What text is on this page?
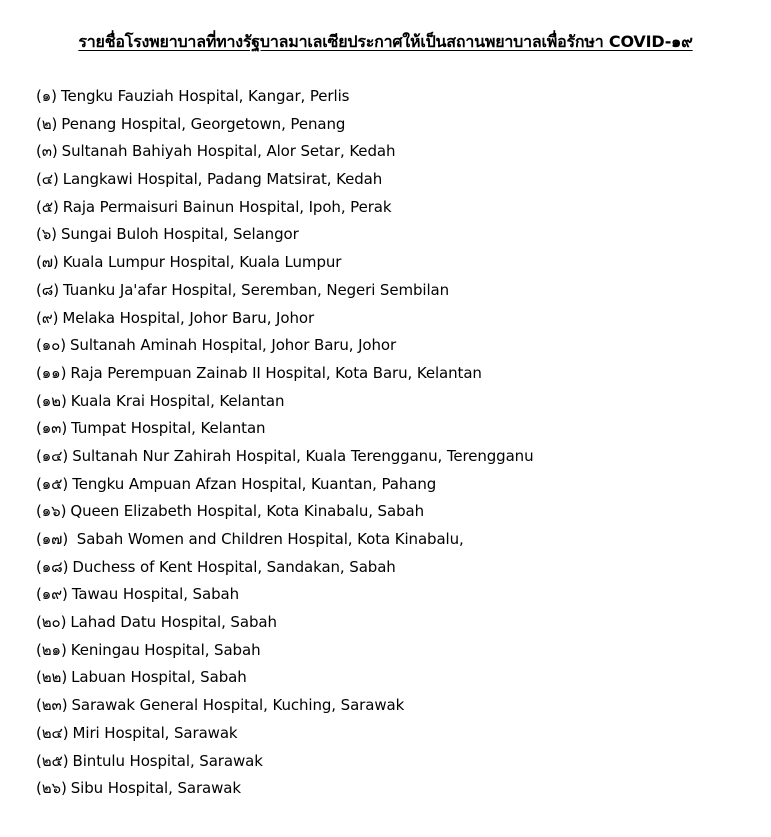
รายชื่อโรงพยาบาลที่ทางรัฐบาลมาเลเซียประกาศให้เป็นสถานพยาบาลเพื่อรักษา COVID-๑๙
(๑) Tengku Fauziah Hospital, Kangar, Perlis
(๒) Penang Hospital, Georgetown, Penang
(๓) Sultanah Bahiyah Hospital, Alor Setar, Kedah
(๔) Langkawi Hospital, Padang Matsirat, Kedah
(๕) Raja Permaisuri Bainun Hospital, Ipoh, Perak
(๖) Sungai Buloh Hospital, Selangor
(๗) Kuala Lumpur Hospital, Kuala Lumpur
(๘) Tuanku Ja'afar Hospital, Seremban, Negeri Sembilan
(๙) Melaka Hospital, Johor Baru, Johor
(๑๐) Sultanah Aminah Hospital, Johor Baru, Johor
(๑๑) Raja Perempuan Zainab II Hospital, Kota Baru, Kelantan
(๑๒) Kuala Krai Hospital, Kelantan
(๑๓) Tumpat Hospital, Kelantan
(๑๔) Sultanah Nur Zahirah Hospital, Kuala Terengganu, Terengganu
(๑๕) Tengku Ampuan Afzan Hospital, Kuantan, Pahang
(๑๖) Queen Elizabeth Hospital, Kota Kinabalu, Sabah
(๑๗) Sabah Women and Children Hospital, Kota Kinabalu,
(๑๘) Duchess of Kent Hospital, Sandakan, Sabah
(๑๙) Tawau Hospital, Sabah
(๒๐) Lahad Datu Hospital, Sabah
(๒๑) Keningau Hospital, Sabah
(๒๒) Labuan Hospital, Sabah
(๒๓) Sarawak General Hospital, Kuching, Sarawak
(๒๔) Miri Hospital, Sarawak
(๒๕) Bintulu Hospital, Sarawak
(๒๖) Sibu Hospital, Sarawak
